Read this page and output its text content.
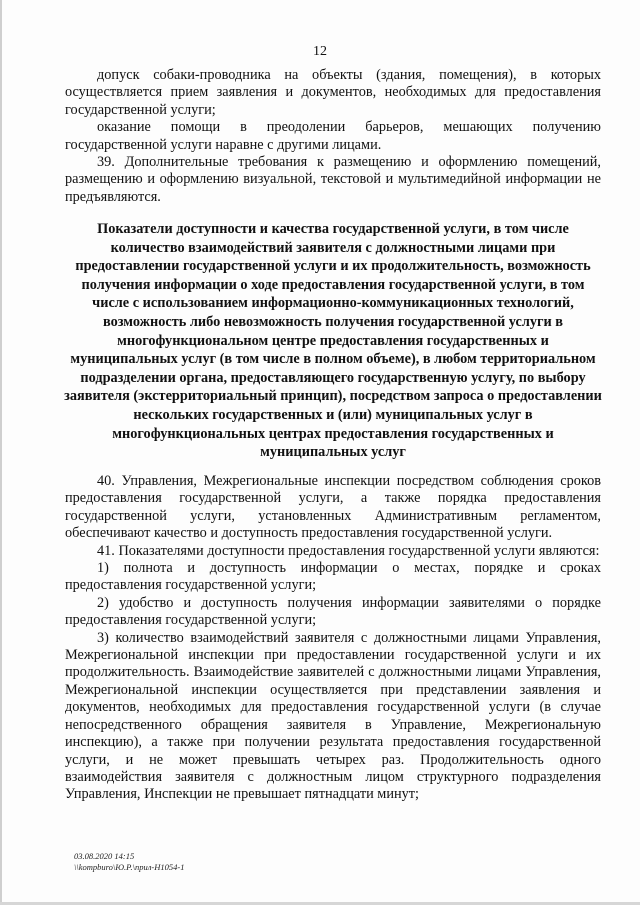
12

допуск собаки-проводника на объекты (здания, помещения), в которых осуществляется прием заявления и документов, необходимых для предоставления государственной услуги;

оказание помощи в преодолении барьеров, мешающих получению государственной услуги наравне с другими лицами.

39. Дополнительные требования к размещению и оформлению помещений, размещению и оформлению визуальной, текстовой и мультимедийной информации не предъявляются.

Показатели доступности и качества государственной услуги, в том числе количество взаимодействий заявителя с должностными лицами при предоставлении государственной услуги и их продолжительность, возможность получения информации о ходе предоставления государственной услуги, в том числе с использованием информационно-коммуникационных технологий, возможность либо невозможность получения государственной услуги в многофункциональном центре предоставления государственных и муниципальных услуг (в том числе в полном объеме), в любом территориальном подразделении органа, предоставляющего государственную услугу, по выбору заявителя (экстерриториальный принцип), посредством запроса о предоставлении нескольких государственных и (или) муниципальных услуг в многофункциональных центрах предоставления государственных и муниципальных услуг

40. Управления, Межрегиональные инспекции посредством соблюдения сроков предоставления государственной услуги, а также порядка предоставления государственной услуги, установленных Административным регламентом, обеспечивают качество и доступность предоставления государственной услуги.

41. Показателями доступности предоставления государственной услуги являются:

1) полнота и доступность информации о местах, порядке и сроках предоставления государственной услуги;

2) удобство и доступность получения информации заявителями о порядке предоставления государственной услуги;

3) количество взаимодействий заявителя с должностными лицами Управления, Межрегиональной инспекции при предоставлении государственной услуги и их продолжительность. Взаимодействие заявителей с должностными лицами Управления, Межрегиональной инспекции осуществляется при представлении заявления и документов, необходимых для предоставления государственной услуги (в случае непосредственного обращения заявителя в Управление, Межрегиональную инспекцию), а также при получении результата предоставления государственной услуги, и не может превышать четырех раз. Продолжительность одного взаимодействия заявителя с должностным лицом структурного подразделения Управления, Инспекции не превышает пятнадцати минут;

03.08.2020 14:15
\\kompburo\Ю.Р.\прил-Н1054-1
